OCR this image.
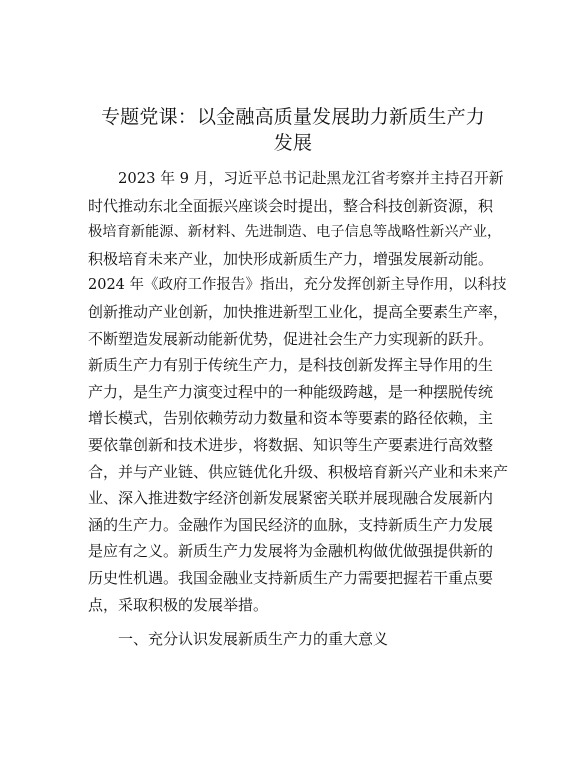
专题党课：以金融高质量发展助力新质生产力
发展
2023 年 9 月，习近平总书记赴黑龙江省考察并主持召开新
时代推动东北全面振兴座谈会时提出，整合科技创新资源，积
极培育新能源、新材料、先进制造、电子信息等战略性新兴产业，
积极培育未来产业，加快形成新质生产力，增强发展新动能。
2024 年《政府工作报告》指出，充分发挥创新主导作用，以科技
创新推动产业创新，加快推进新型工业化，提高全要素生产率，
不断塑造发展新动能新优势，促进社会生产力实现新的跃升。
新质生产力有别于传统生产力，是科技创新发挥主导作用的生
产力，是生产力演变过程中的一种能级跨越，是一种摆脱传统
增长模式，告别依赖劳动力数量和资本等要素的路径依赖，主
要依靠创新和技术进步，将数据、知识等生产要素进行高效整
合，并与产业链、供应链优化升级、积极培育新兴产业和未来产
业、深入推进数字经济创新发展紧密关联并展现融合发展新内
涵的生产力。金融作为国民经济的血脉，支持新质生产力发展
是应有之义。新质生产力发展将为金融机构做优做强提供新的
历史性机遇。我国金融业支持新质生产力需要把握若干重点要
点，采取积极的发展举措。
一、充分认识发展新质生产力的重大意义
